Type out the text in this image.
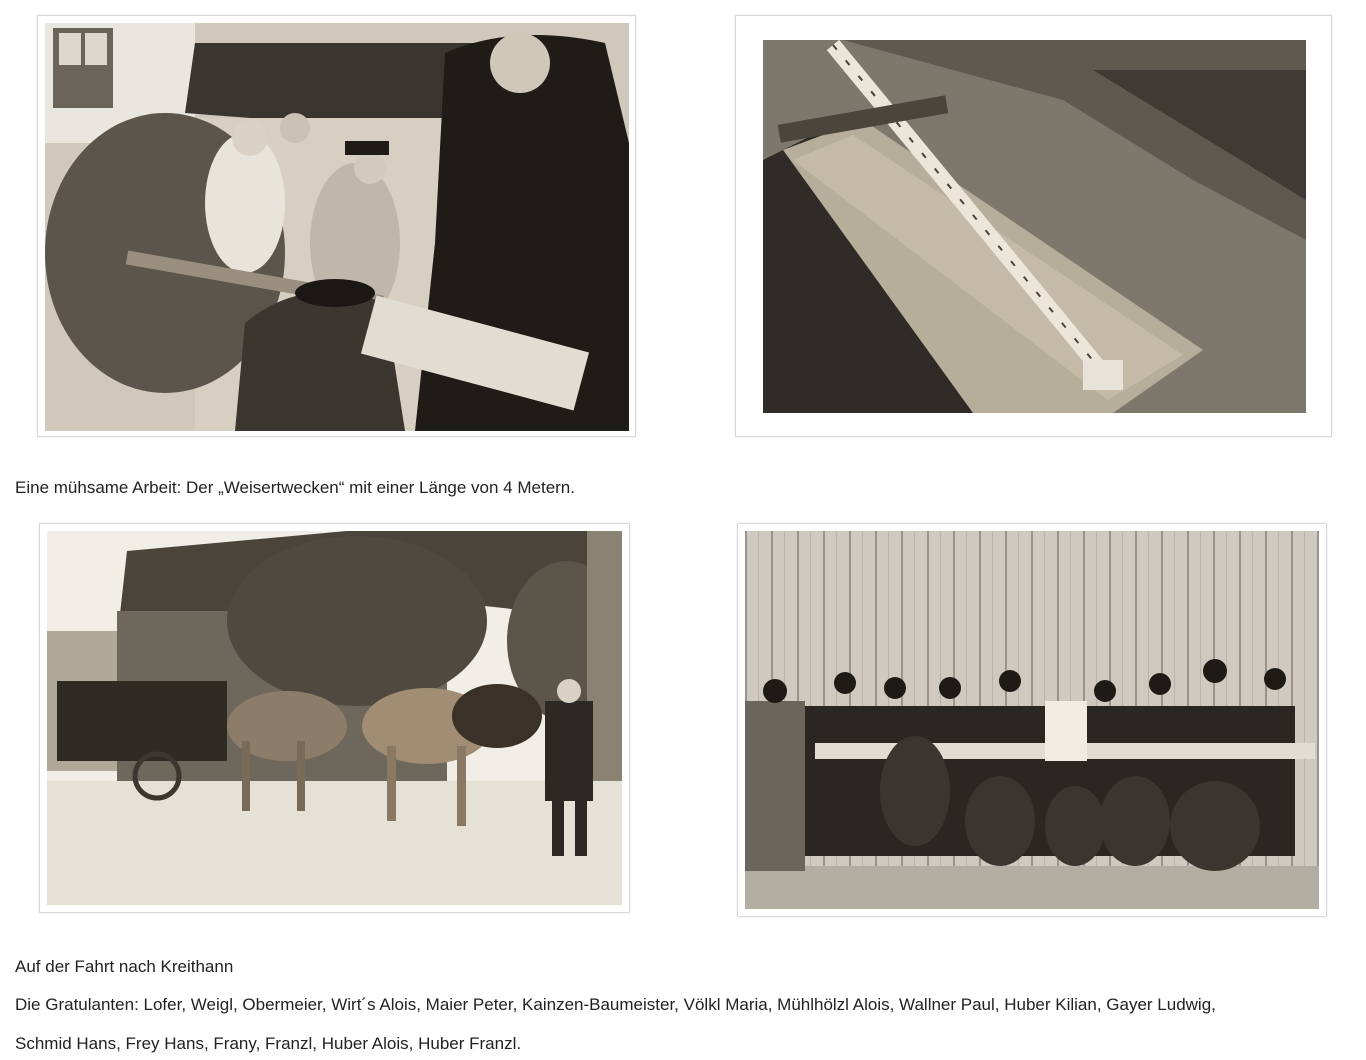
Eine mühsame Arbeit: Der „Weisertwecken“ mit einer Länge von 4 Metern.
Auf der Fahrt nach Kreithann
Die Gratulanten: Lofer, Weigl, Obermeier, Wirt´s Alois, Maier Peter, Kainzen-Baumeister, Völkl Maria, Mühlhölzl Alois, Wallner Paul, Huber Kilian, Gayer Ludwig,
Schmid Hans, Frey Hans, Frany, Franzl, Huber Alois, Huber Franzl.
